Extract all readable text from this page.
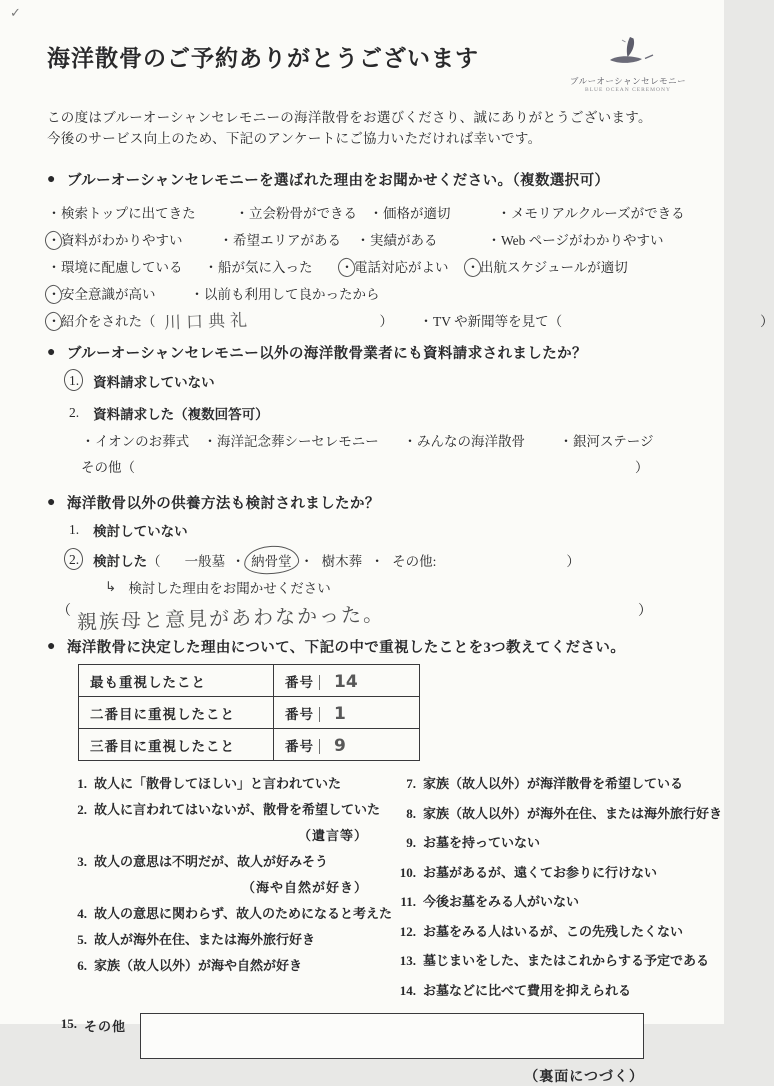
✓
海洋散骨のご予約ありがとうございます
ブルーオーシャンセレモニー
BLUE OCEAN CEREMONY
この度はブルーオーシャンセレモニーの海洋散骨をお選びくださり、誠にありがとうございます。
今後のサービス向上のため、下記のアンケートにご協力いただければ幸いです。
● ブルーオーシャンセレモニーを選ばれた理由をお聞かせください。（複数選択可）
・ 検索トップに出てきた	・ 立会粉骨ができる ・ 価格が適切	・ メモリアルクルーズができる
・ 資料がわかりやすい	・ 希望エリアがある ・ 実績がある	・ Web ページがわかりやすい
・ 環境に配慮している ・ 船が気に入った ・ 電話対応がよい ・ 出航スケジュールが適切
・ 安全意識が高い	・ 以前も利用して良かったから
・ 紹介をされた （ 川口典礼	） ・ TV や新聞等を見て （	）
● ブルーオーシャンセレモニー以外の海洋散骨業者にも資料請求されましたか？
1. 資料請求していない
2. 資料請求した（複数回答可）
・ イオンのお葬式 ・ 海洋記念葬シーセレモニー ・ みんなの海洋散骨	・ 銀河ステージ
その他 （	）
● 海洋散骨以外の供養方法も検討されましたか？
1. 検討していない
2. 検討した （ 一般墓 ・ 納骨堂 ・ 樹木葬 ・ その他:	）
↳ 検討した理由をお聞かせください
（ 親族母と意見があわなかった。	）
● 海洋散骨に決定した理由について、下記の中で重視したことを3つ教えてください。
最も重視したこと	番号 14
二番目に重視したこと	番号 1
三番目に重視したこと	番号 9
1. 故人に「散骨してほしい」と言われていた
2. 故人に言われてはいないが、散骨を希望していた
（遺言等）
3. 故人の意思は不明だが、故人が好みそう
（海や自然が好き）
4. 故人の意思に関わらず、故人のためになると考えた
5. 故人が海外在住、または海外旅行好き
6. 家族（故人以外）が海や自然が好き
7. 家族（故人以外）が海洋散骨を希望している
8. 家族（故人以外）が海外在住、または海外旅行好き
9. お墓を持っていない
10. お墓があるが、遠くてお参りに行けない
11. 今後お墓をみる人がいない
12. お墓をみる人はいるが、この先残したくない
13. 墓じまいをした、またはこれからする予定である
14. お墓などに比べて費用を抑えられる
15. その他
（裏面につづく）
